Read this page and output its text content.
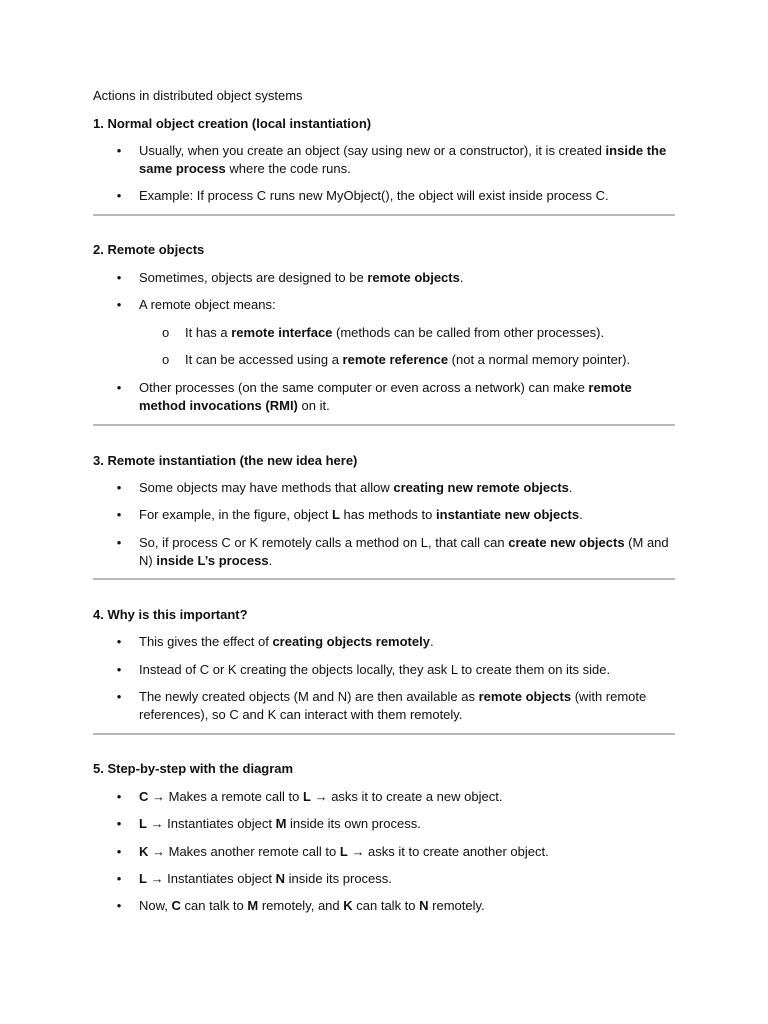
Actions in distributed object systems
1. Normal object creation (local instantiation)
• Usually, when you create an object (say using new or a constructor), it is created inside the same process where the code runs.
• Example: If process C runs new MyObject(), the object will exist inside process C.
2. Remote objects
• Sometimes, objects are designed to be remote objects.
• A remote object means:
o It has a remote interface (methods can be called from other processes).
o It can be accessed using a remote reference (not a normal memory pointer).
• Other processes (on the same computer or even across a network) can make remote method invocations (RMI) on it.
3. Remote instantiation (the new idea here)
• Some objects may have methods that allow creating new remote objects.
• For example, in the figure, object L has methods to instantiate new objects.
• So, if process C or K remotely calls a method on L, that call can create new objects (M and N) inside L’s process.
4. Why is this important?
• This gives the effect of creating objects remotely.
• Instead of C or K creating the objects locally, they ask L to create them on its side.
• The newly created objects (M and N) are then available as remote objects (with remote references), so C and K can interact with them remotely.
5. Step-by-step with the diagram
• C → Makes a remote call to L → asks it to create a new object.
• L → Instantiates object M inside its own process.
• K → Makes another remote call to L → asks it to create another object.
• L → Instantiates object N inside its process.
• Now, C can talk to M remotely, and K can talk to N remotely.
